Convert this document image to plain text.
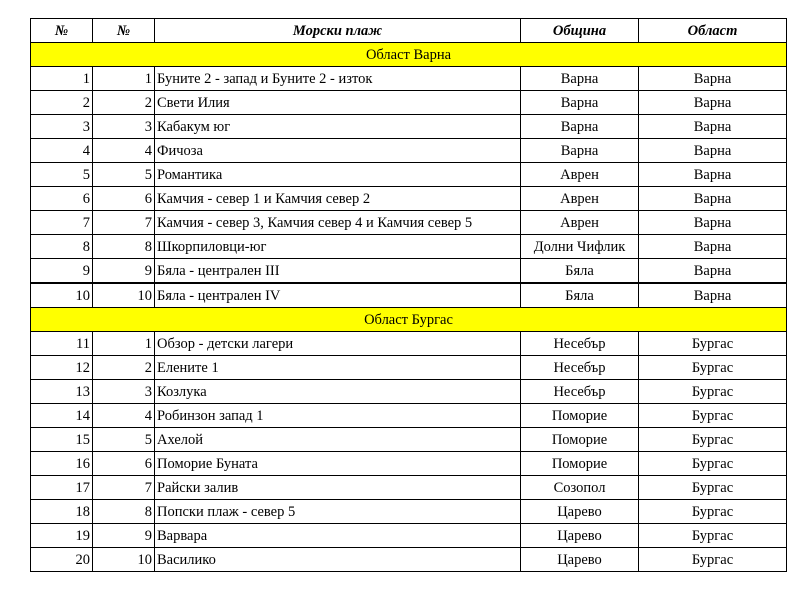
№	№	Морски плаж	Община	Област
Област Варна				
1	1	Буните 2 - запад и Буните 2 - изток	Варна	Варна
2	2	Свети Илия	Варна	Варна
3	3	Кабакум юг	Варна	Варна
4	4	Фичоза	Варна	Варна
5	5	Романтика	Аврен	Варна
6	6	Камчия - север 1 и Камчия север 2	Аврен	Варна
7	7	Камчия - север 3, Камчия север 4 и Камчия север 5	Аврен	Варна
8	8	Шкорпиловци-юг	Долни Чифлик	Варна
9	9	Бяла - централен III	Бяла	Варна
10	10	Бяла - централен IV	Бяла	Варна
Област Бургас				
11	1	Обзор - детски лагери	Несебър	Бургас
12	2	Елените 1	Несебър	Бургас
13	3	Козлука	Несебър	Бургас
14	4	Робинзон запад 1	Поморие	Бургас
15	5	Ахелой	Поморие	Бургас
16	6	Поморие Буната	Поморие	Бургас
17	7	Райски залив	Созопол	Бургас
18	8	Попски плаж - север 5	Царево	Бургас
19	9	Варвара	Царево	Бургас
20	10	Василико	Царево	Бургас
